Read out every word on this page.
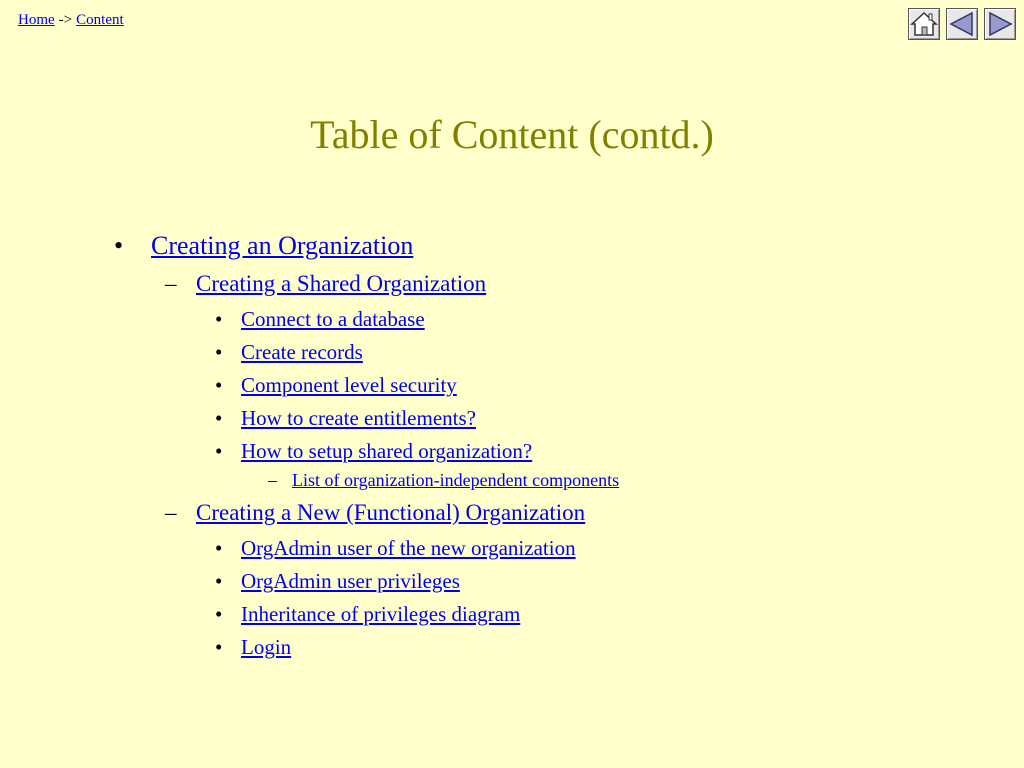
Home -> Content
Table of Content (contd.)
•	Creating an Organization
– Creating a Shared Organization
• Connect to a database
• Create records
• Component level security
• How to create entitlements?
• How to setup shared organization?
– List of organization-independent components
– Creating a New (Functional) Organization
• OrgAdmin user of the new organization
• OrgAdmin user privileges
• Inheritance of privileges diagram
• Login
